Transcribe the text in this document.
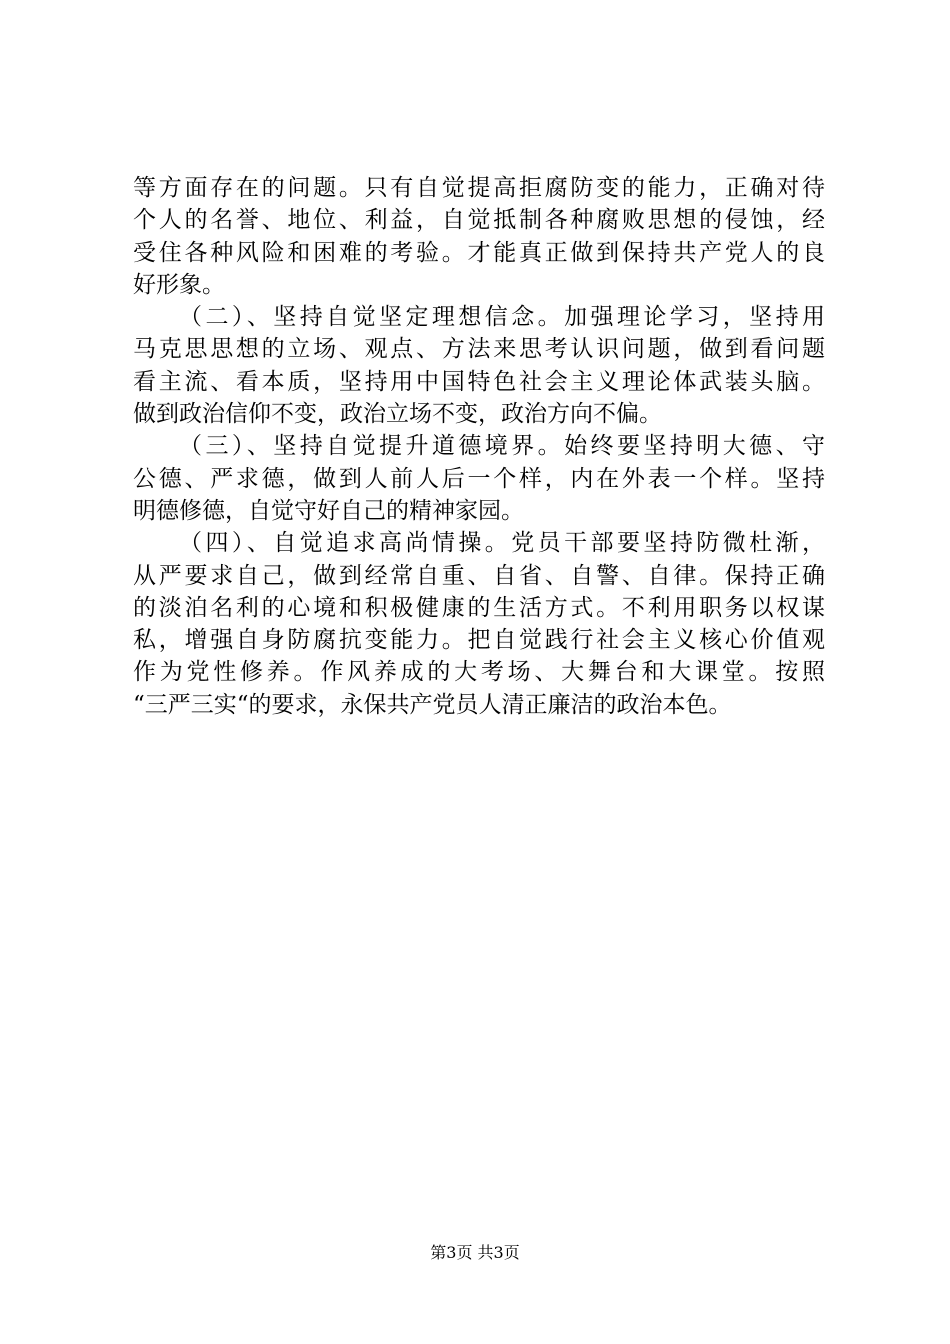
等方面存在的问题。只有自觉提高拒腐防变的能力，正确对待
个人的名誉、地位、利益，自觉抵制各种腐败思想的侵蚀，经
受住各种风险和困难的考验。才能真正做到保持共产党人的良
好形象。
（二）、坚持自觉坚定理想信念。加强理论学习，坚持用
马克思思想的立场、观点、方法来思考认识问题，做到看问题
看主流、看本质，坚持用中国特色社会主义理论体武装头脑。
做到政治信仰不变，政治立场不变，政治方向不偏。
（三）、坚持自觉提升道德境界。始终要坚持明大德、守
公德、严求德，做到人前人后一个样，内在外表一个样。坚持
明德修德，自觉守好自己的精神家园。
（四）、自觉追求高尚情操。党员干部要坚持防微杜渐，
从严要求自己，做到经常自重、自省、自警、自律。保持正确
的淡泊名利的心境和积极健康的生活方式。不利用职务以权谋
私，增强自身防腐抗变能力。把自觉践行社会主义核心价值观
作为党性修养。作风养成的大考场、大舞台和大课堂。按照
“三严三实“的要求，永保共产党员人清正廉洁的政治本色。
第3页 共3页
